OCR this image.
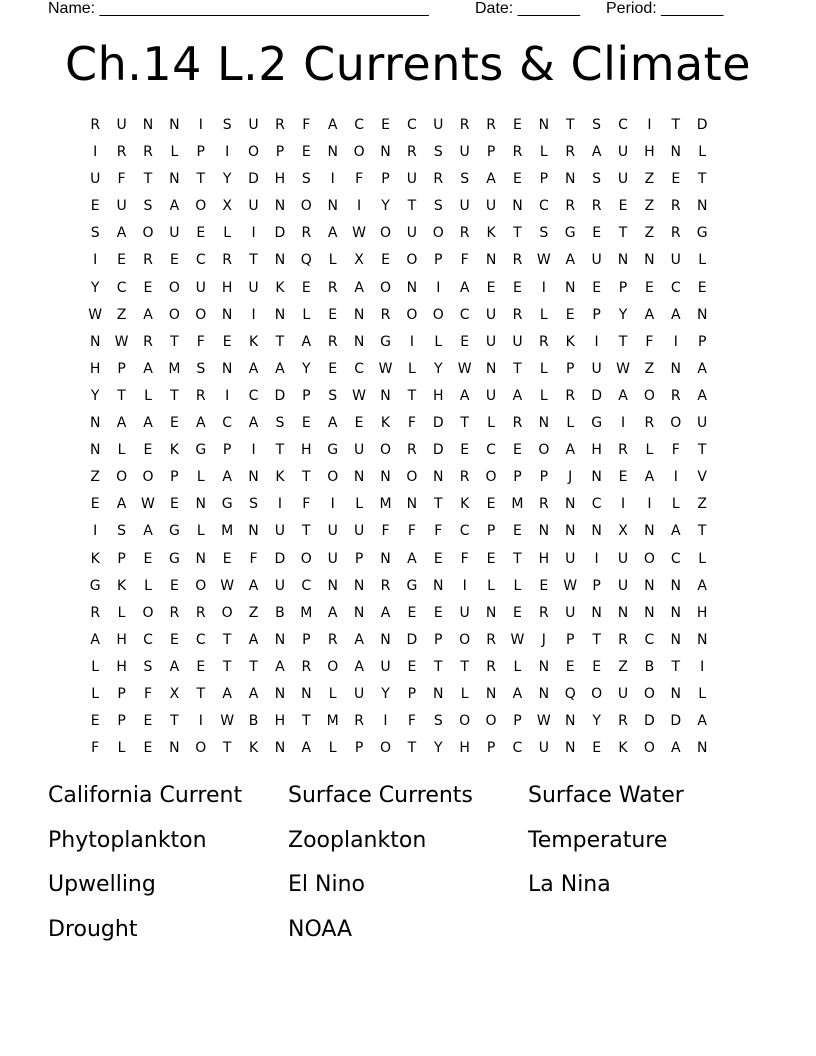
Name: _____________________________________	Date: _______ Period: _______
Ch.14 L.2 Currents & Climate
R	U	N	N	I	S	U	R	F	A	C	E	C	U	R	R	E	N	T	S	C	I	T	D
I	R	R	L	P	I	O	P	E	N	O	N	R	S	U	P	R	L	R	A	U	H	N	L
U	F	T	N	T	Y	D	H	S	I	F	P	U	R	S	A	E	P	N	S	U	Z	E	T
E	U	S	A	O	X	U	N	O	N	I	Y	T	S	U	U	N	C	R	R	E	Z	R	N
S	A	O	U	E	L	I	D	R	A	W O	U	O	R	K	T	S	G	E	T	Z	R	G
I	E	R	E	C	R	T	N	Q	L	X	E	O	P	F	N	R	W	A	U	N	N	U	L
Y	C	E	O	U	H	U	K	E	R	A	O	N	I	A	E	E	I	N	E	P	E	C	E
W	Z	A	O	O	N	I	N	L	E	N	R	O	O	C	U	R	L	E	P	Y	A	A	N
N	W	R	T	F	E	K	T	A	R	N	G	I	L	E	U	U	R	K	I	T	F	I	P
H	P	A	M	S	N	A	A	Y	E	C	W	L	Y	W	N	T	L	P	U	W	Z	N	A
Y	T	L	T	R	I	C	D	P	S	W	N	T	H	A	U	A	L	R	D	A	O	R	A
N	A	A	E	A	C	A	S	E	A	E	K	F	D	T	L	R	N	L	G	I	R	O	U
N	L	E	K	G	P	I	T	H	G	U	O	R	D	E	C	E	O	A	H	R	L	F	T
Z	O	O	P	L	A	N	K	T	O	N	N	O	N	R	O	P	P	J	N	E	A	I	V
E	A	W	E	N	G	S	I	F	I	L	M	N	T	K	E	M	R	N	C	I	I	L	Z
I	S	A	G	L	M	N	U	T	U	U	F	F	F	C	P	E	N	N	N	X	N	A	T
K	P	E	G	N	E	F	D	O	U	P	N	A	E	F	E	T	H	U	I	U	O	C	L
G	K	L	E	O W	A	U	C	N	N	R	G	N	I	L	L	E	W	P	U	N	N	A
R	L	O	R	R	O	Z	B	M	A	N	A	E	E	U	N	E	R	U	N	N	N	N	H
A	H	C	E	C	T	A	N	P	R	A	N	D	P	O	R	W	J	P	T	R	C	N	N
L	H	S	A	E	T	T	A	R	O	A	U	E	T	T	R	L	N	E	E	Z	B	T	I
L	P	F	X	T	A	A	N	N	L	U	Y	P	N	L	N	A	N	Q	O	U	O	N	L
E	P	E	T	I	W	B	H	T	M	R	I	F	S	O	O	P	W	N	Y	R	D	D	A
F	L	E	N	O	T	K	N	A	L	P	O	T	Y	H	P	C	U	N	E	K	O	A	N
California Current	Surface Currents	Surface Water
Phytoplankton	Zooplankton	Temperature
Upwelling	El Nino	La Nina
Drought	NOAA
